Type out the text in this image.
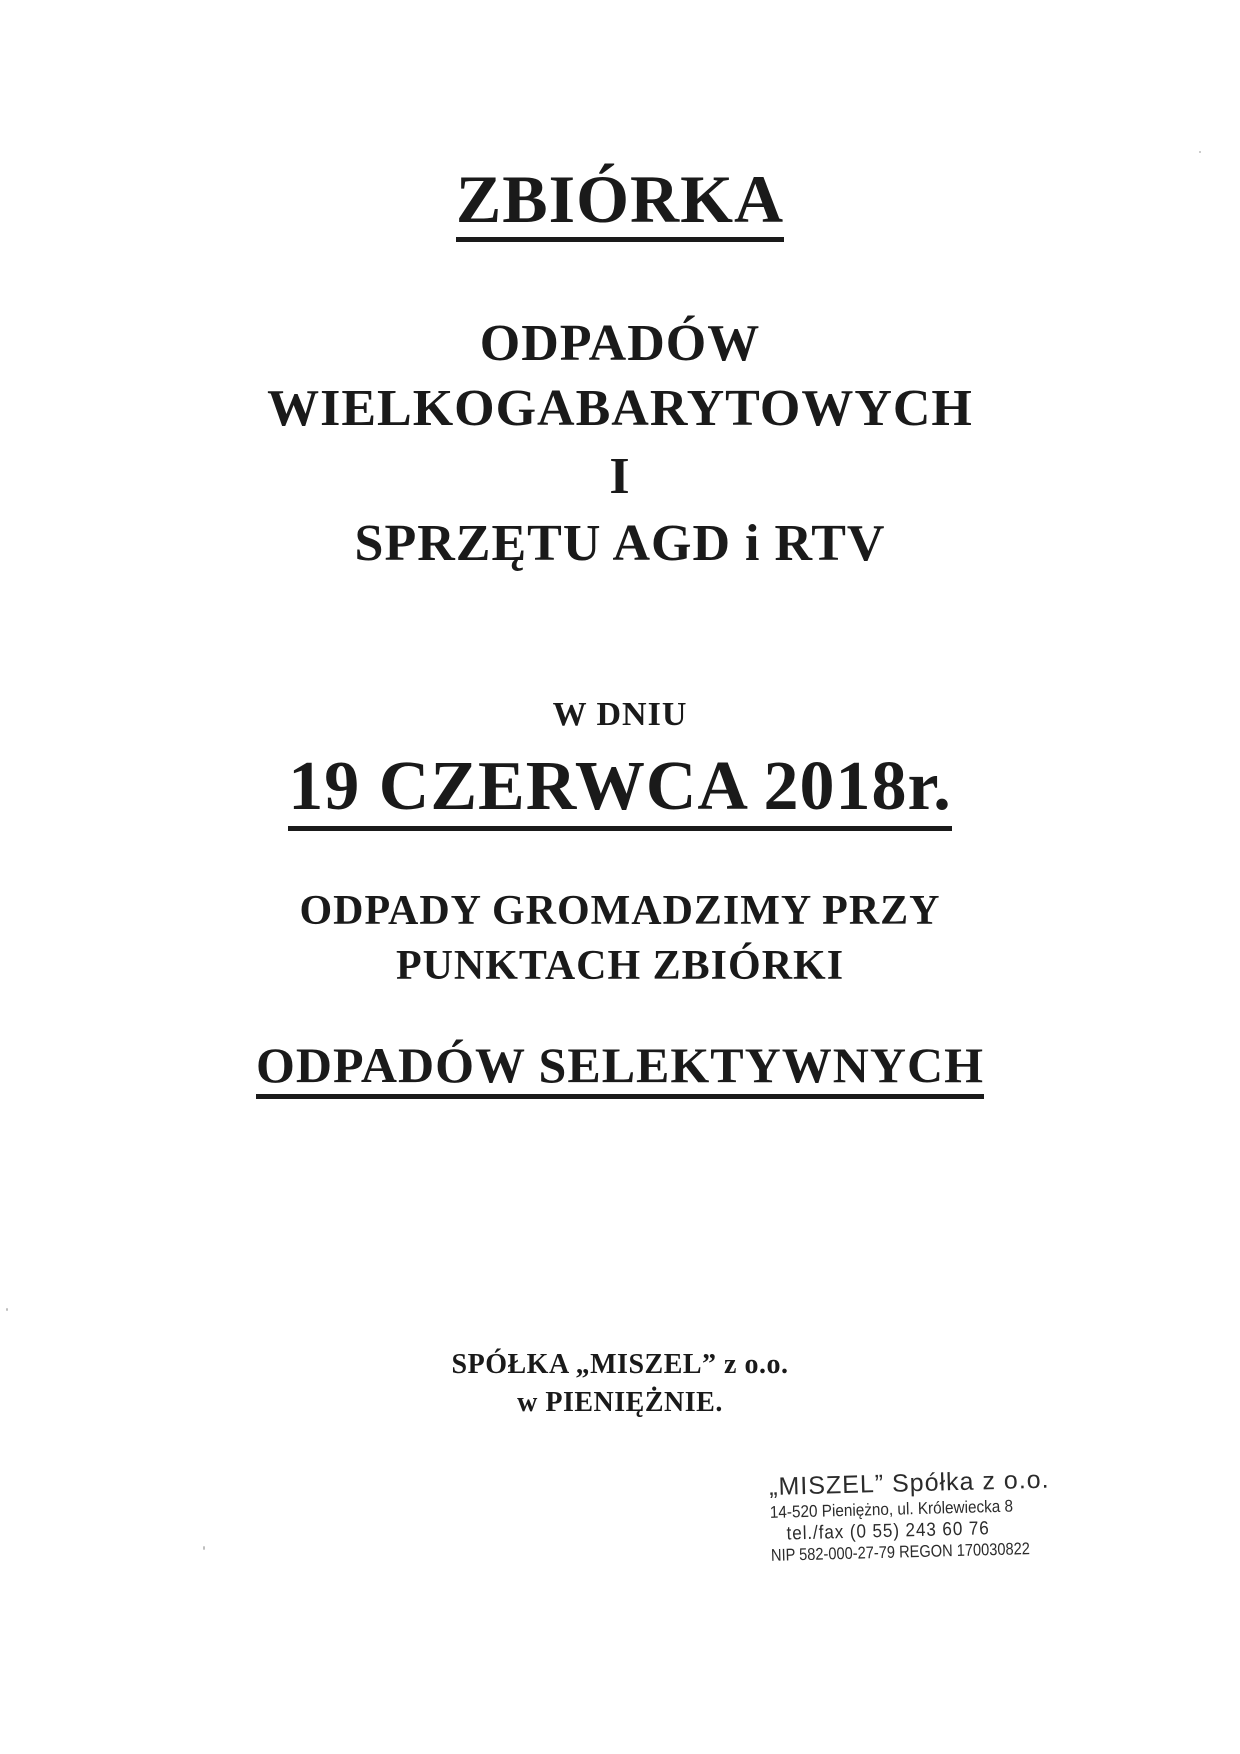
ZBIÓRKA
ODPADÓW
WIELKOGABARYTOWYCH
I
SPRZĘTU AGD i RTV
W DNIU
19 CZERWCA 2018r.
ODPADY GROMADZIMY PRZY
PUNKTACH ZBIÓRKI
ODPADÓW SELEKTYWNYCH
SPÓŁKA „MISZEL” z o.o.
w PIENIĘŻNIE.
„MISZEL” Spółka z o.o.
14-520 Pieniężno, ul. Królewiecka 8
tel./fax (0 55) 243 60 76
NIP 582-000-27-79 REGON 170030822
